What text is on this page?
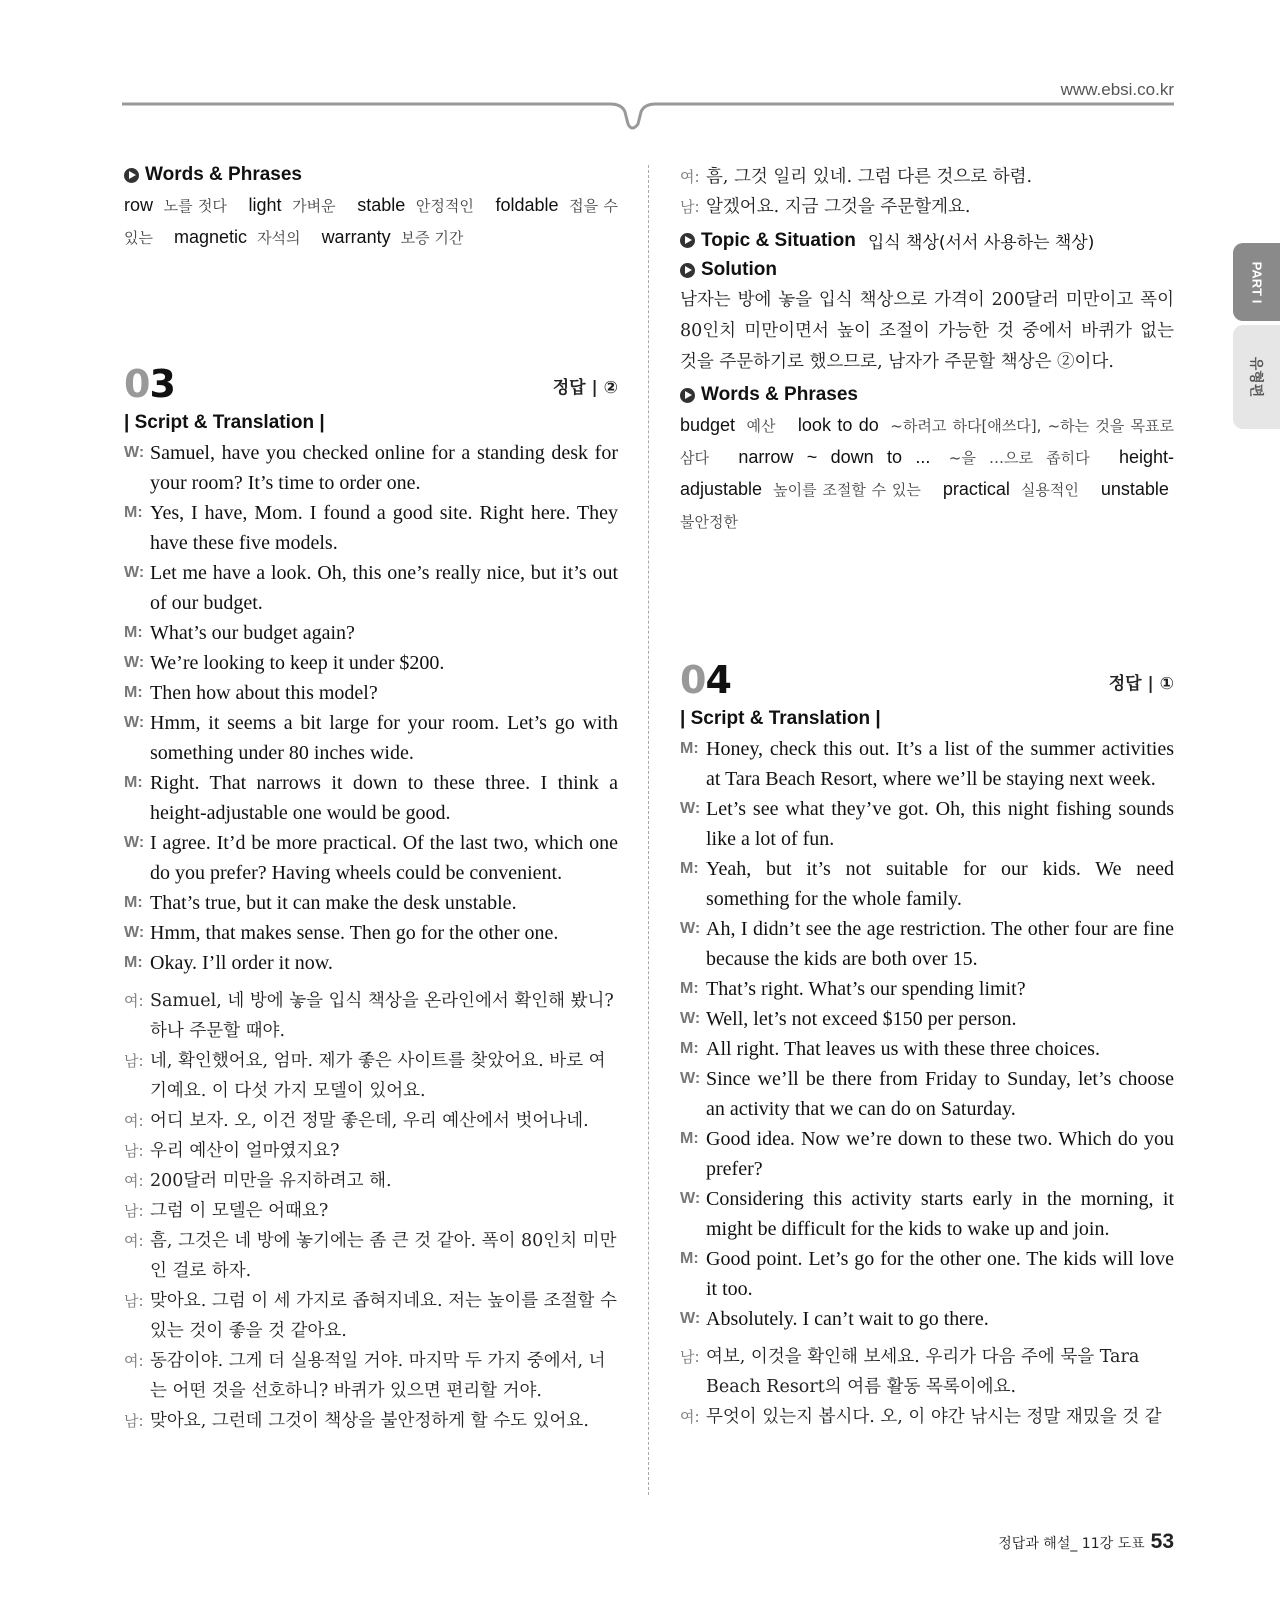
www.ebsi.co.kr
PART I
유형편
Words & Phrases
row 노를 젓다 light 가벼운 stable 안정적인 foldable 접을 수 있는 magnetic 자석의 warranty 보증 기간
03	정답 | ②
| Script & Translation |
W: Samuel, have you checked online for a standing desk for your room? It’s time to order one.
M: Yes, I have, Mom. I found a good site. Right here. They have these five models.
W: Let me have a look. Oh, this one’s really nice, but it’s out of our budget.
M: What’s our budget again?
W: We’re looking to keep it under $200.
M: Then how about this model?
W: Hmm, it seems a bit large for your room. Let’s go with something under 80 inches wide.
M: Right. That narrows it down to these three. I think a height-adjustable one would be good.
W: I agree. It’d be more practical. Of the last two, which one do you prefer? Having wheels could be convenient.
M: That’s true, but it can make the desk unstable.
W: Hmm, that makes sense. Then go for the other one.
M: Okay. I’ll order it now.
여: Samuel, 네 방에 놓을 입식 책상을 온라인에서 확인해 봤니? 하나 주문할 때야.
남: 네, 확인했어요, 엄마. 제가 좋은 사이트를 찾았어요. 바로 여기예요. 이 다섯 가지 모델이 있어요.
여: 어디 보자. 오, 이건 정말 좋은데, 우리 예산에서 벗어나네.
남: 우리 예산이 얼마였지요?
여: 200달러 미만을 유지하려고 해.
남: 그럼 이 모델은 어때요?
여: 흠, 그것은 네 방에 놓기에는 좀 큰 것 같아. 폭이 80인치 미만인 걸로 하자.
남: 맞아요. 그럼 이 세 가지로 좁혀지네요. 저는 높이를 조절할 수 있는 것이 좋을 것 같아요.
여: 동감이야. 그게 더 실용적일 거야. 마지막 두 가지 중에서, 너는 어떤 것을 선호하니? 바퀴가 있으면 편리할 거야.
남: 맞아요, 그런데 그것이 책상을 불안정하게 할 수도 있어요.
여: 흠, 그것 일리 있네. 그럼 다른 것으로 하렴.
남: 알겠어요. 지금 그것을 주문할게요.
Topic & Situation 입식 책상(서서 사용하는 책상)
Solution
남자는 방에 놓을 입식 책상으로 가격이 200달러 미만이고 폭이 80인치 미만이면서 높이 조절이 가능한 것 중에서 바퀴가 없는 것을 주문하기로 했으므로, 남자가 주문할 책상은 ②이다.
Words & Phrases
budget 예산 look to do ~하려고 하다[애쓰다], ~하는 것을 목표로 삼다 narrow ~ down to ... ~을 …으로 좁히다 height-adjustable 높이를 조절할 수 있는 practical 실용적인 unstable 불안정한
04	정답 | ①
| Script & Translation |
M: Honey, check this out. It’s a list of the summer activities at Tara Beach Resort, where we’ll be staying next week.
W: Let’s see what they’ve got. Oh, this night fishing sounds like a lot of fun.
M: Yeah, but it’s not suitable for our kids. We need something for the whole family.
W: Ah, I didn’t see the age restriction. The other four are fine because the kids are both over 15.
M: That’s right. What’s our spending limit?
W: Well, let’s not exceed $150 per person.
M: All right. That leaves us with these three choices.
W: Since we’ll be there from Friday to Sunday, let’s choose an activity that we can do on Saturday.
M: Good idea. Now we’re down to these two. Which do you prefer?
W: Considering this activity starts early in the morning, it might be difficult for the kids to wake up and join.
M: Good point. Let’s go for the other one. The kids will love it too.
W: Absolutely. I can’t wait to go there.
남: 여보, 이것을 확인해 보세요. 우리가 다음 주에 묵을 Tara Beach Resort의 여름 활동 목록이에요.
여: 무엇이 있는지 봅시다. 오, 이 야간 낚시는 정말 재밌을 것 같
정답과 해설_ 11강 도표 53
